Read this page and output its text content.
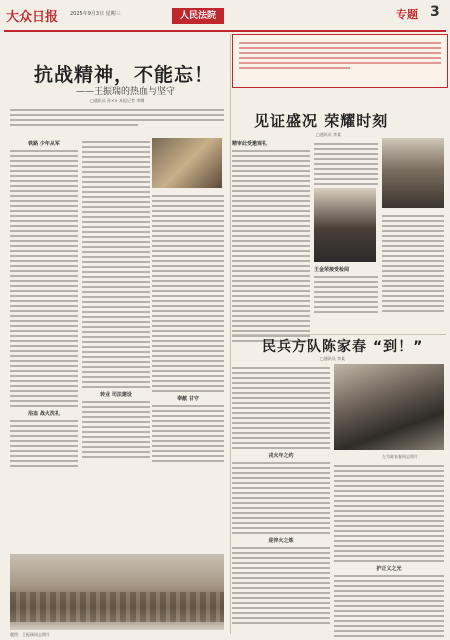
大众日报 2025年9月3日 星期三	人民法院	专题 3
抗战精神，不能忘！
——王振瑞的热血与坚守
□通讯员 孙×× 本报记者 李娜
铁路 少年从军
浴血 战火洗礼
转业 司法建设
奉献 甘守
见证盛况 荣耀时刻
□通讯员 李某
精审此受邀观礼
王金荣接受检阅
民兵方队陈家春 “到！”
□通讯员 李某
戎火年之约
迎淬火之炼
左为陈家春同志照片
护正义之光
题图：王振瑞同志照片
